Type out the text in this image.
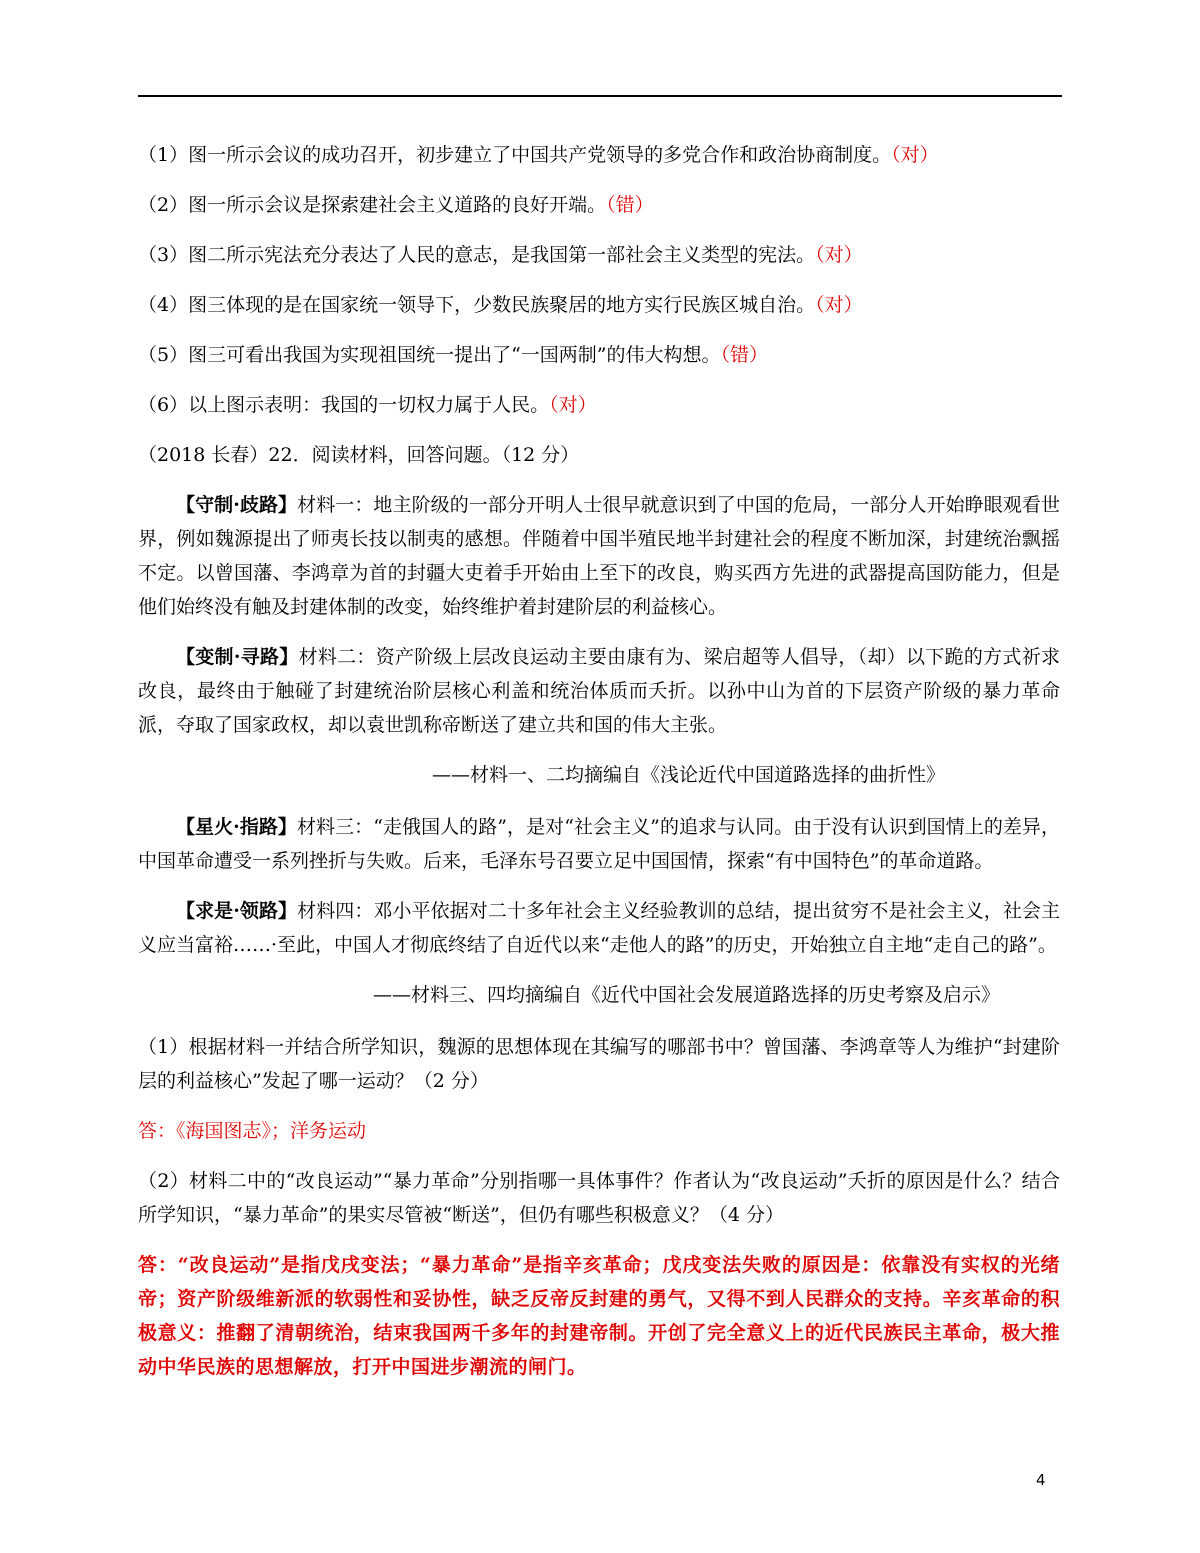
（1）图一所示会议的成功召开，初步建立了中国共产党领导的多党合作和政治协商制度。（对）
（2）图一所示会议是探索建社会主义道路的良好开端。（错）
（3）图二所示宪法充分表达了人民的意志，是我国第一部社会主义类型的宪法。（对）
（4）图三体现的是在国家统一领导下，少数民族聚居的地方实行民族区城自治。（对）
（5）图三可看出我国为实现祖国统一提出了“一国两制”的伟大构想。（错）
（6）以上图示表明：我国的一切权力属于人民。（对）
（2018 长春）22．阅读材料，回答问题。（12 分）

【守制·歧路】材料一：地主阶级的一部分开明人士很早就意识到了中国的危局，一部分人开始睁眼观看世界，例如魏源提出了师夷长技以制夷的感想。伴随着中国半殖民地半封建社会的程度不断加深，封建统治飘摇不定。以曾国藩、李鸿章为首的封疆大吏着手开始由上至下的改良，购买西方先进的武器提高国防能力，但是他们始终没有触及封建体制的改变，始终维护着封建阶层的利益核心。

【变制·寻路】材料二：资产阶级上层改良运动主要由康有为、梁启超等人倡导，（却）以下跪的方式祈求改良，最终由于触碰了封建统治阶层核心利盖和统治体质而夭折。以孙中山为首的下层资产阶级的暴力革命派，夺取了国家政权，却以袁世凯称帝断送了建立共和国的伟大主张。

——材料一、二均摘编自《浅论近代中国道路选择的曲折性》

【星火·指路】材料三：“走俄国人的路”，是对“社会主义”的追求与认同。由于没有认识到国情上的差异，中国革命遭受一系列挫折与失败。后来，毛泽东号召要立足中国国情，探索“有中国特色”的革命道路。

【求是·领路】材料四：邓小平依据对二十多年社会主义经验教训的总结，提出贫穷不是社会主义，社会主义应当富裕……·至此，中国人才彻底终结了自近代以来“走他人的路”的历史，开始独立自主地“走自己的路”。

——材料三、四均摘编自《近代中国社会发展道路选择的历史考察及启示》

（1）根据材料一并结合所学知识，魏源的思想体现在其编写的哪部书中？曾国藩、李鸿章等人为维护“封建阶层的利益核心”发起了哪一运动？（2 分）

答：《海国图志》；洋务运动

（2）材料二中的“改良运动”“暴力革命”分别指哪一具体事件？作者认为“改良运动”夭折的原因是什么？结合所学知识，“暴力革命”的果实尽管被“断送”，但仍有哪些积极意义？（4 分）

答：“改良运动”是指戊戌变法；“暴力革命”是指辛亥革命；戊戌变法失败的原因是：依靠没有实权的光绪帝；资产阶级维新派的软弱性和妥协性，缺乏反帝反封建的勇气，又得不到人民群众的支持。辛亥革命的积极意义：推翻了清朝统治，结束我国两千多年的封建帝制。开创了完全意义上的近代民族民主革命，极大推动中华民族的思想解放，打开中国进步潮流的闸门。

4
